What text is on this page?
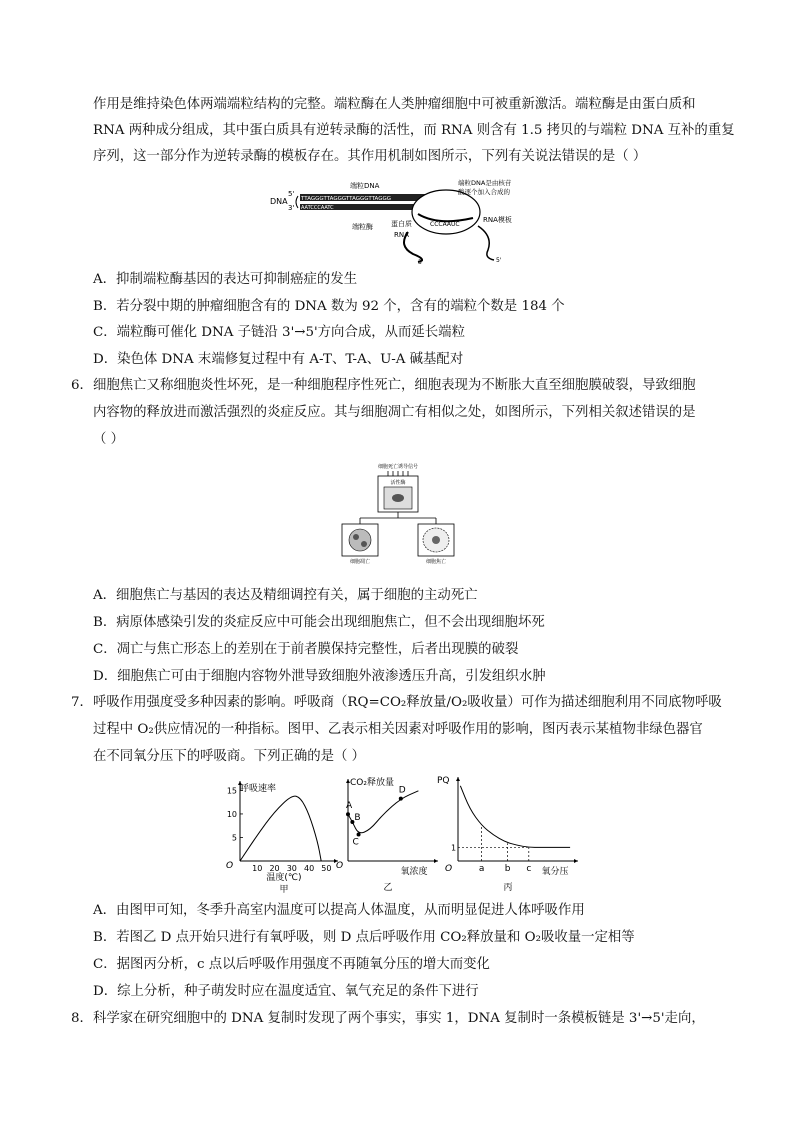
作用是维持染色体两端端粒结构的完整。端粒酶在人类肿瘤细胞中可被重新激活。端粒酶是由蛋白质和
RNA 两种成分组成，其中蛋白质具有逆转录酶的活性，而 RNA 则含有 1.5 拷贝的与端粒 DNA 互补的重复
序列，这一部分作为逆转录酶的模板存在。其作用机制如图所示，下列有关说法错误的是（ ）
DNA
5'
3'
TTAGGGTTAGGGTTAGGGTTAGGG
AATCCCAATC
端粒DNA
CCCAAUC
端粒DNA是由核苷
酸逐个加入合成的
RNA模板
端粒酶	蛋白质
RNA
3'	5'
A．抑制端粒酶基因的表达可抑制癌症的发生
B．若分裂中期的肿瘤细胞含有的 DNA 数为 92 个，含有的端粒个数是 184 个
C．端粒酶可催化 DNA 子链沿 3'→5'方向合成，从而延长端粒
D．染色体 DNA 末端修复过程中有 A-T、T-A、U-A 碱基配对
6． 细胞焦亡又称细胞炎性坏死，是一种细胞程序性死亡，细胞表现为不断胀大直至细胞膜破裂，导致细胞
内容物的释放进而激活强烈的炎症反应。其与细胞凋亡有相似之处，如图所示，下列相关叙述错误的是
（ ）
细胞死亡诱导信号
活性酶
细胞凋亡	细胞焦亡
A．细胞焦亡与基因的表达及精细调控有关，属于细胞的主动死亡
B．病原体感染引发的炎症反应中可能会出现细胞焦亡，但不会出现细胞坏死
C．凋亡与焦亡形态上的差别在于前者膜保持完整性，后者出现膜的破裂
D．细胞焦亡可由于细胞内容物外泄导致细胞外液渗透压升高，引发组织水肿
7． 呼吸作用强度受多种因素的影响。呼吸商（RQ=CO₂释放量/O₂吸收量）可作为描述细胞利用不同底物呼吸
过程中 O₂供应情况的一种指标。图甲、乙表示相关因素对呼吸作用的影响，图丙表示某植物非绿色器官
在不同氧分压下的呼吸商。下列正确的是（ ）
呼吸速率
O
温度(℃)
甲
10 20 30 40 50
5
10
15
CO₂释放量
O
氧浓度
乙
A
B
C
D
PQ
O	氧分压
丙
1
a b c
A．由图甲可知，冬季升高室内温度可以提高人体温度，从而明显促进人体呼吸作用
B．若图乙 D 点开始只进行有氧呼吸，则 D 点后呼吸作用 CO₂释放量和 O₂吸收量一定相等
C．据图丙分析，c 点以后呼吸作用强度不再随氧分压的增大而变化
D．综上分析，种子萌发时应在温度适宜、氧气充足的条件下进行
8． 科学家在研究细胞中的 DNA 复制时发现了两个事实，事实 1，DNA 复制时一条模板链是 3'→5'走向，
